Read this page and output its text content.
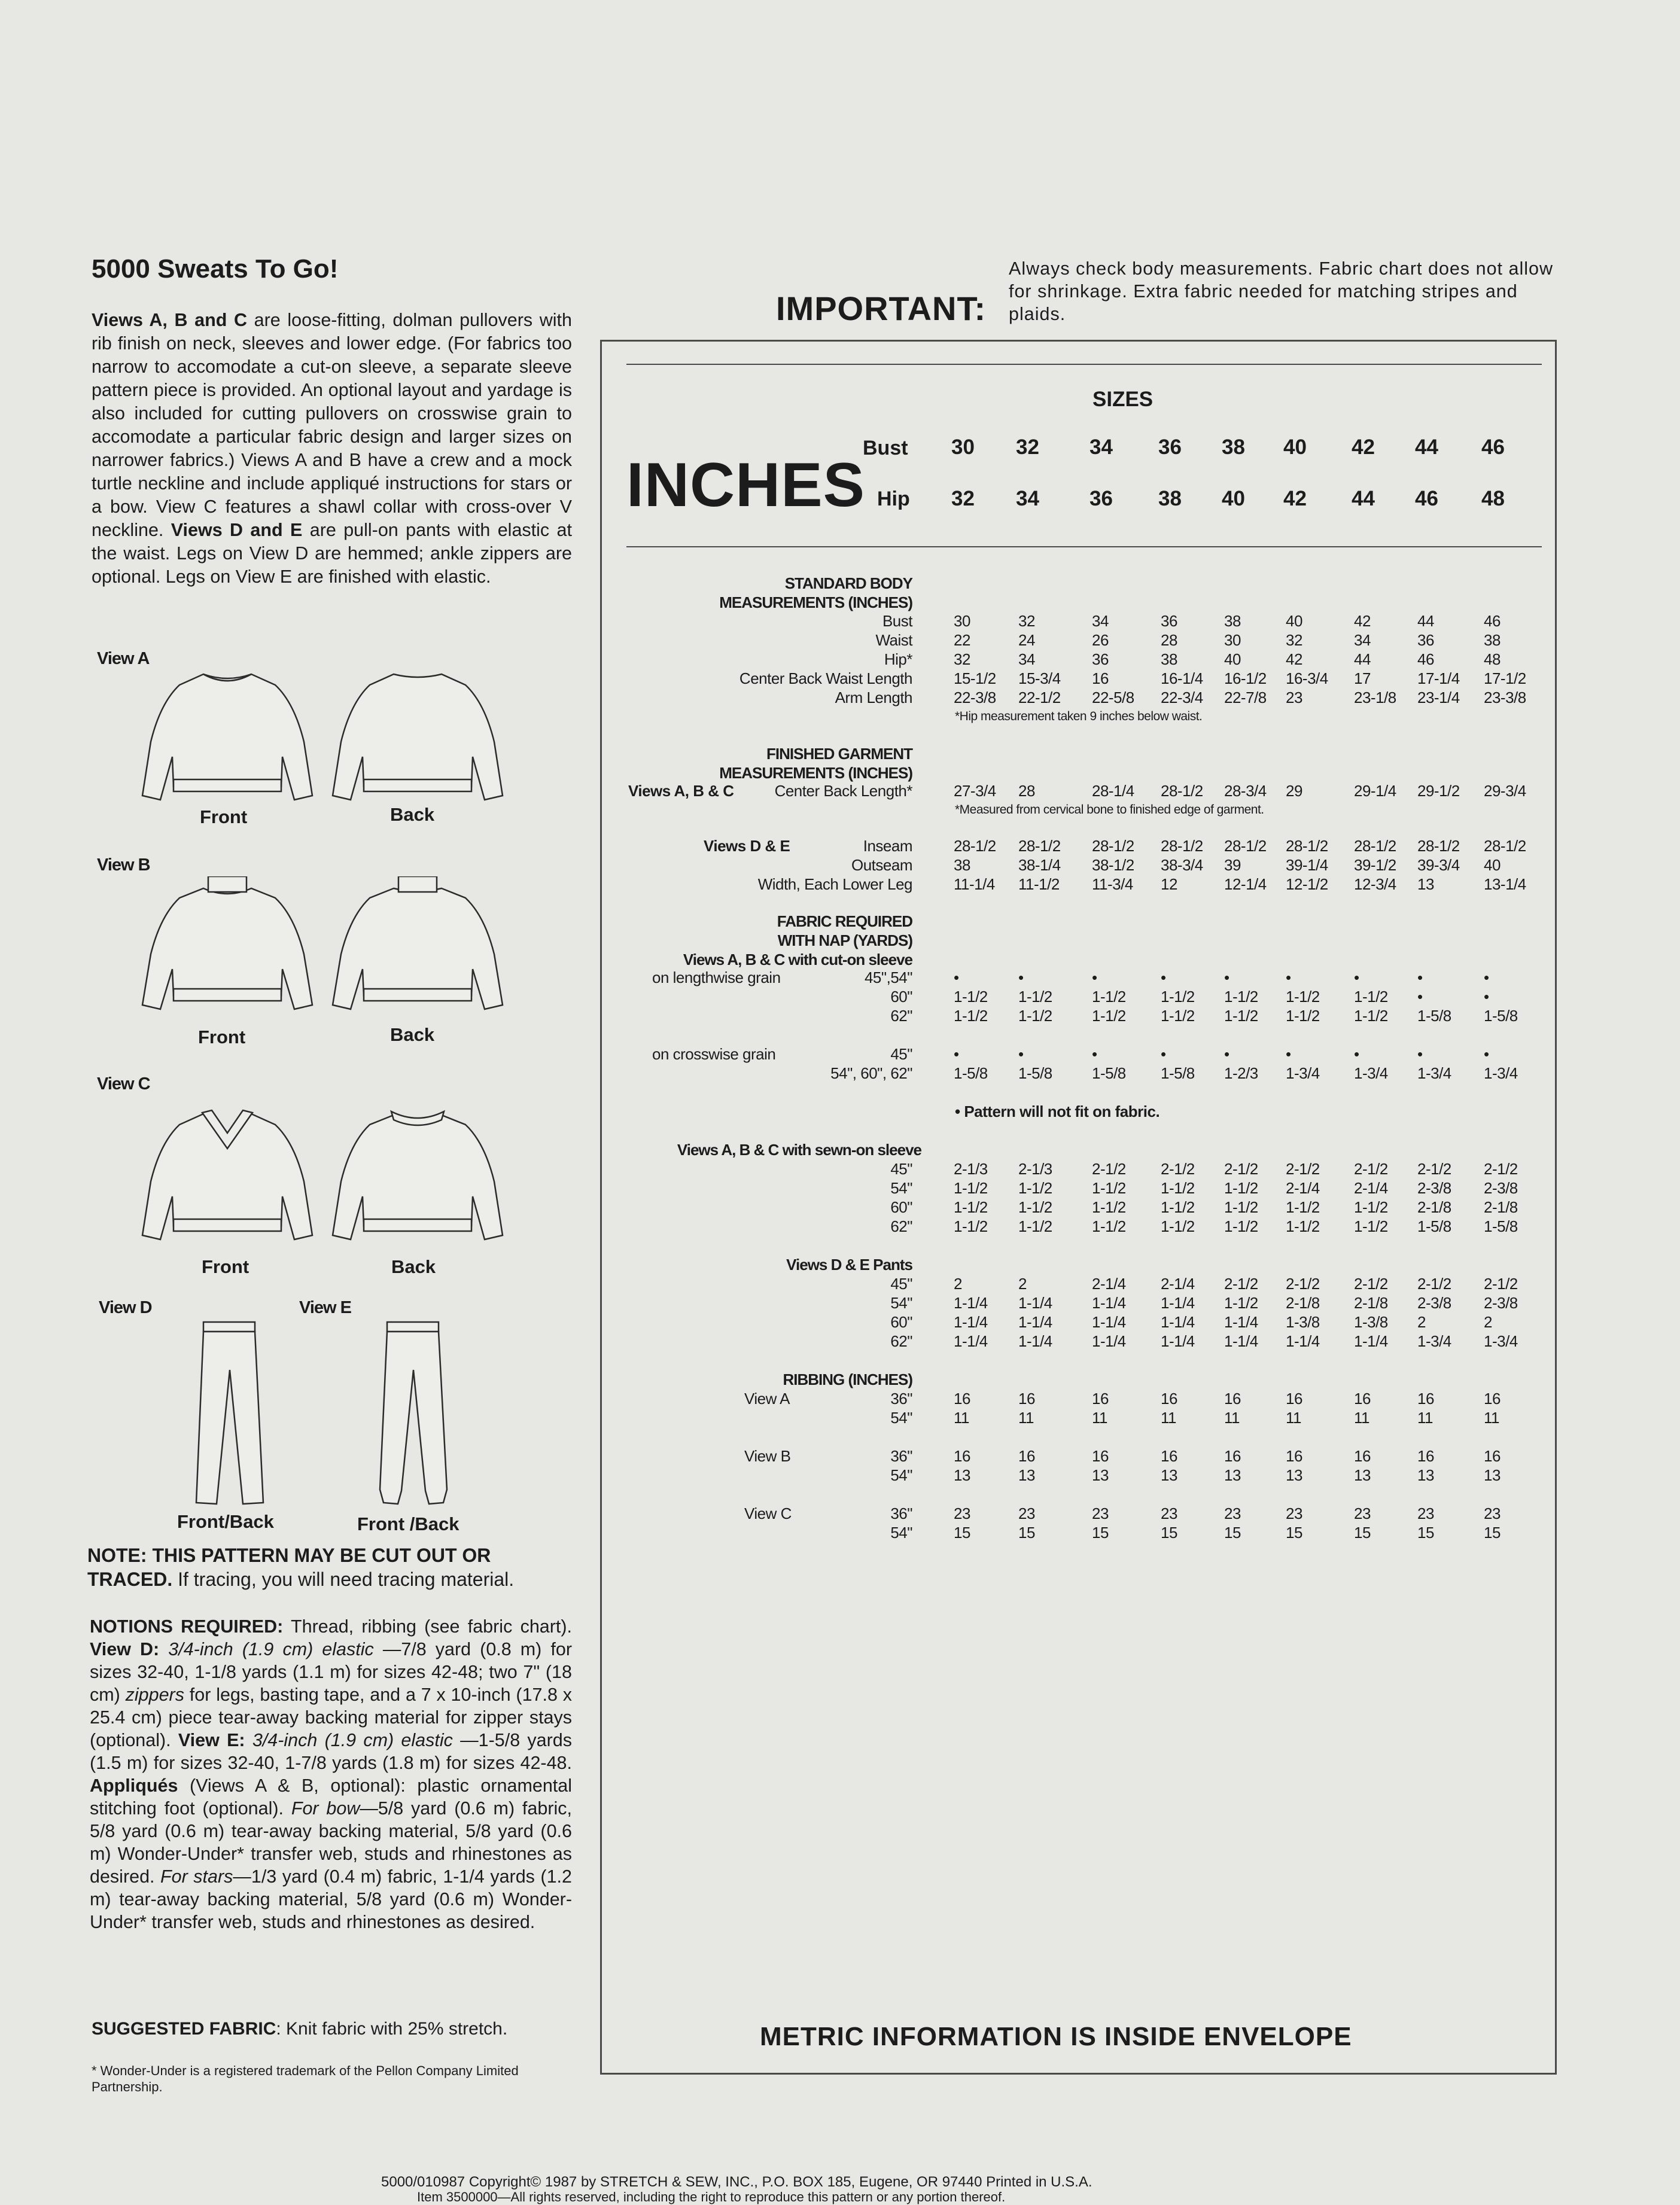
5000 Sweats To Go!
Views A, B and C are loose-fitting, dolman pullovers with rib finish on neck, sleeves and lower edge. (For fabrics too narrow to accomodate a cut-on sleeve, a separate sleeve pattern piece is provided. An optional layout and yardage is also included for cutting pullovers on crosswise grain to accomodate a particular fabric design and larger sizes on narrower fabrics.) Views A and B have a crew and a mock turtle neckline and include appliqué instructions for stars or a bow. View C features a shawl collar with cross-over V neckline. Views D and E are pull-on pants with elastic at the waist. Legs on View D are hemmed; ankle zippers are optional. Legs on View E are finished with elastic.
View A
Front	Back
View B
Front	Back
View C
Front	Back
View D	View E
Front/Back	Front /Back
NOTE: THIS PATTERN MAY BE CUT OUT OR TRACED. If tracing, you will need tracing material.
NOTIONS REQUIRED: Thread, ribbing (see fabric chart). View D: 3/4-inch (1.9 cm) elastic —7/8 yard (0.8 m) for sizes 32-40, 1-1/8 yards (1.1 m) for sizes 42-48; two 7" (18 cm) zippers for legs, basting tape, and a 7 x 10-inch (17.8 x 25.4 cm) piece tear-away backing material for zipper stays (optional). View E: 3/4-inch (1.9 cm) elastic —1-5/8 yards (1.5 m) for sizes 32-40, 1-7/8 yards (1.8 m) for sizes 42-48. Appliqués (Views A & B, optional): plastic ornamental stitching foot (optional). For bow—5/8 yard (0.6 m) fabric, 5/8 yard (0.6 m) tear-away backing material, 5/8 yard (0.6 m) Wonder-Under* transfer web, studs and rhinestones as desired. For stars—1/3 yard (0.4 m) fabric, 1-1/4 yards (1.2 m) tear-away backing material, 5/8 yard (0.6 m) Wonder-Under* transfer web, studs and rhinestones as desired.
SUGGESTED FABRIC: Knit fabric with 25% stretch.
* Wonder-Under is a registered trademark of the Pellon Company Limited Partnership.
IMPORTANT:
Always check body measurements. Fabric chart does not allow for shrinkage. Extra fabric needed for matching stripes and plaids.
INCHES
SIZES
Bust
Hip
30	32	34	36	38	40	42	44	46
32	34	36	38	40	42	44	46	48
STANDARD BODY
MEASUREMENTS (INCHES)
Bust	30	32	34	36	38	40	42	44	46
Waist	22	24	26	28	30	32	34	36	38
Hip*	32	34	36	38	40	42	44	46	48
Center Back Waist Length	15-1/2 15-3/4 16	16-1/4 16-1/2 16-3/4 17	17-1/4 17-1/2
Arm Length	22-3/8 22-1/2 22-5/8 22-3/4 22-7/8 23	23-1/8 23-1/4 23-3/8
*Hip measurement taken 9 inches below waist.
FINISHED GARMENT
MEASUREMENTS (INCHES)
Views A, B & C	Center Back Length*	27-3/4 28	28-1/4 28-1/2 28-3/4 29	29-1/4 29-1/2 29-3/4
*Measured from cervical bone to finished edge of garment.
Views D & E	Inseam	28-1/2 28-1/2 28-1/2 28-1/2 28-1/2 28-1/2 28-1/2 28-1/2 28-1/2
Outseam	38	38-1/4 38-1/2 38-3/4 39	39-1/4 39-1/2 39-3/4 40
Width, Each Lower Leg	11-1/4 11-1/2 11-3/4 12	12-1/4 12-1/2 12-3/4 13	13-1/4
FABRIC REQUIRED
WITH NAP (YARDS)
Views A, B & C with cut-on sleeve
on lengthwise grain	45",54"	•	•	•	•	•	•	•	•	•
60"	1-1/2 1-1/2	1-1/2 1-1/2 1-1/2 1-1/2 1-1/2 •	•
62"	1-1/2 1-1/2	1-1/2 1-1/2 1-1/2 1-1/2 1-1/2 1-5/8 1-5/8
on crosswise grain	45"	•	•	•	•	•	•	•	•	•
54", 60", 62"	1-5/8 1-5/8	1-5/8 1-5/8 1-2/3 1-3/4 1-3/4 1-3/4 1-3/4
• Pattern will not fit on fabric.
Views A, B & C with sewn-on sleeve
45"	2-1/3 2-1/3	2-1/2 2-1/2 2-1/2 2-1/2 2-1/2 2-1/2 2-1/2
54"	1-1/2 1-1/2	1-1/2 1-1/2 1-1/2 2-1/4 2-1/4 2-3/8 2-3/8
60"	1-1/2 1-1/2	1-1/2 1-1/2 1-1/2 1-1/2 1-1/2 2-1/8 2-1/8
62"	1-1/2 1-1/2	1-1/2 1-1/2 1-1/2 1-1/2 1-1/2 1-5/8 1-5/8
Views D & E Pants
45"	2	2	2-1/4 2-1/4 2-1/2 2-1/2 2-1/2 2-1/2 2-1/2
54"	1-1/4 1-1/4	1-1/4 1-1/4 1-1/2 2-1/8 2-1/8 2-3/8 2-3/8
60"	1-1/4 1-1/4	1-1/4 1-1/4 1-1/4 1-3/8 1-3/8 2	2
62"	1-1/4 1-1/4	1-1/4 1-1/4 1-1/4 1-1/4 1-1/4 1-3/4 1-3/4
RIBBING (INCHES)
View A	36"	16	16	16	16	16	16	16	16	16
54"	11	11	11	11	11	11	11	11	11
View B	36"	16	16	16	16	16	16	16	16	16
54"	13	13	13	13	13	13	13	13	13
View C	36"	23	23	23	23	23	23	23	23	23
54"	15	15	15	15	15	15	15	15	15
METRIC INFORMATION IS INSIDE ENVELOPE
5000/010987 Copyright© 1987 by STRETCH & SEW, INC., P.O. BOX 185, Eugene, OR 97440 Printed in U.S.A.
Item 3500000—All rights reserved, including the right to reproduce this pattern or any portion thereof.
